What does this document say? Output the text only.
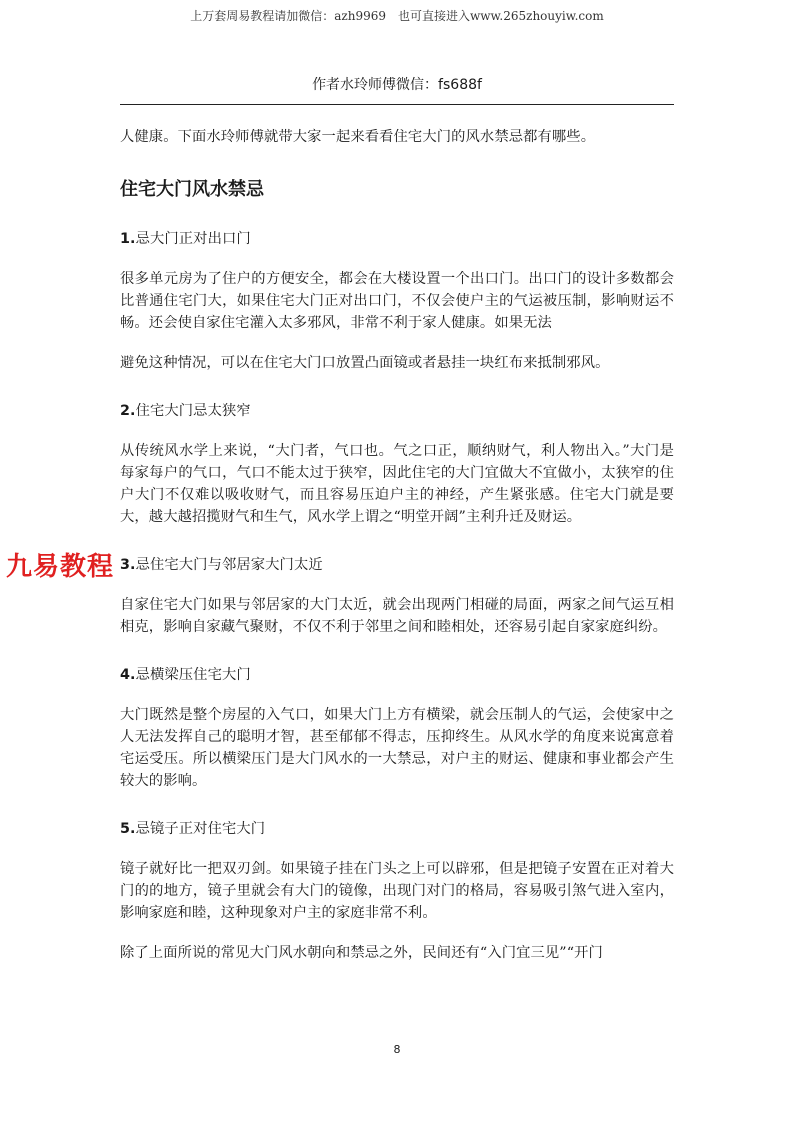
上万套周易教程请加微信：azh9969　也可直接进入www.265zhouyiw.com
作者水玲师傅微信：fs688f

人健康。下面水玲师傅就带大家一起来看看住宅大门的风水禁忌都有哪些。

住宅大门风水禁忌

1.忌大门正对出口门

很多单元房为了住户的方便安全，都会在大楼设置一个出口门。出口门的设计多数都会比普通住宅门大，如果住宅大门正对出口门，不仅会使户主的气运被压制，影响财运不畅。还会使自家住宅灌入太多邪风，非常不利于家人健康。如果无法

避免这种情况，可以在住宅大门口放置凸面镜或者悬挂一块红布来抵制邪风。

2.住宅大门忌太狭窄

从传统风水学上来说，“大门者，气口也。气之口正，顺纳财气，利人物出入。”大门是每家每户的气口，气口不能太过于狭窄，因此住宅的大门宜做大不宜做小，太狭窄的住户大门不仅难以吸收财气，而且容易压迫户主的神经，产生紧张感。住宅大门就是要大，越大越招揽财气和生气，风水学上谓之“明堂开阔”主利升迁及财运。

3.忌住宅大门与邻居家大门太近

自家住宅大门如果与邻居家的大门太近，就会出现两门相碰的局面，两家之间气运互相相克，影响自家藏气聚财，不仅不利于邻里之间和睦相处，还容易引起自家家庭纠纷。

4.忌横梁压住宅大门

大门既然是整个房屋的入气口，如果大门上方有横梁，就会压制人的气运，会使家中之人无法发挥自己的聪明才智，甚至郁郁不得志，压抑终生。从风水学的角度来说寓意着宅运受压。所以横梁压门是大门风水的一大禁忌，对户主的财运、健康和事业都会产生较大的影响。

5.忌镜子正对住宅大门

镜子就好比一把双刃剑。如果镜子挂在门头之上可以辟邪，但是把镜子安置在正对着大门的的地方，镜子里就会有大门的镜像，出现门对门的格局，容易吸引煞气进入室内，影响家庭和睦，这种现象对户主的家庭非常不利。

除了上面所说的常见大门风水朝向和禁忌之外，民间还有“入门宜三见”“开门

九易教程
8
